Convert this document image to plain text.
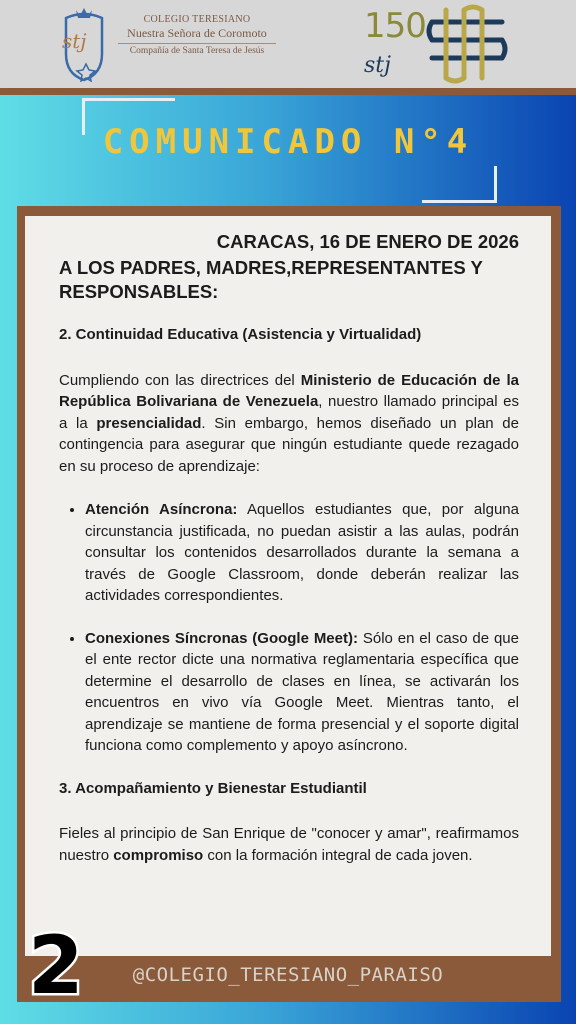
stj
COLEGIO TERESIANO
Nuestra Señora de Coromoto
Compañía de Santa Teresa de Jesús
150
stj
COMUNICADO N°4
CARACAS, 16 DE ENERO DE 2026
A LOS PADRES, MADRES,REPRESENTANTES Y RESPONSABLES:
2. Continuidad Educativa (Asistencia y Virtualidad)
Cumpliendo con las directrices del Ministerio de Educación de la República Bolivariana de Venezuela, nuestro llamado principal es a la presencialidad. Sin embargo, hemos diseñado un plan de contingencia para asegurar que ningún estudiante quede rezagado en su proceso de aprendizaje:
• Atención Asíncrona: Aquellos estudiantes que, por alguna circunstancia justificada, no puedan asistir a las aulas, podrán consultar los contenidos desarrollados durante la semana a través de Google Classroom, donde deberán realizar las actividades correspondientes.
• Conexiones Síncronas (Google Meet): Sólo en el caso de que el ente rector dicte una normativa reglamentaria específica que determine el desarrollo de clases en línea, se activarán los encuentros en vivo vía Google Meet. Mientras tanto, el aprendizaje se mantiene de forma presencial y el soporte digital funciona como complemento y apoyo asíncrono.
3. Acompañamiento y Bienestar Estudiantil
Fieles al principio de San Enrique de "conocer y amar", reafirmamos nuestro compromiso con la formación integral de cada joven.
@COLEGIO_TERESIANO_PARAISO
2
